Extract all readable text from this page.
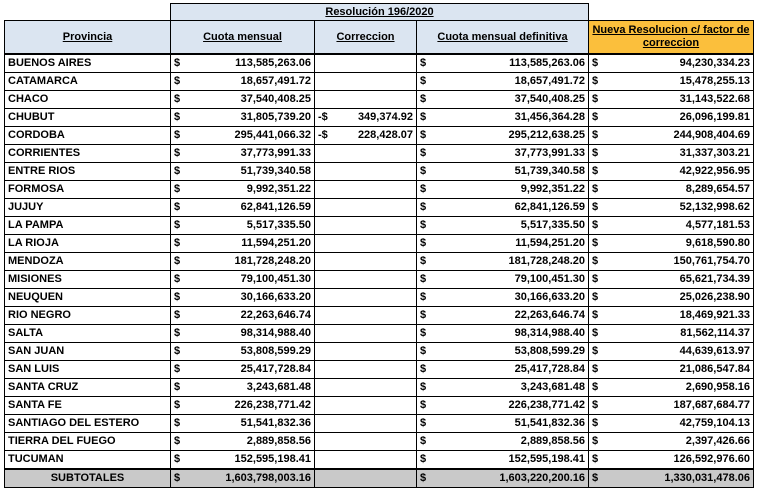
	Resolución 196/2020			
Provincia	Cuota mensual	Correccion	Cuota mensual definitiva	Nueva Resolucion c/ factor de correccion
BUENOS AIRES	$ 113,585,263.06		$ 113,585,263.06	$ 94,230,334.23

CATAMARCA	$ 18,657,491.72		$ 18,657,491.72	$ 15,478,255.13

CHACO	$ 37,540,408.25		$ 37,540,408.25	$ 31,143,522.68

CHUBUT	$ 31,805,739.20	-$ 349,374.92	$ 31,456,364.28	$ 26,096,199.81

CORDOBA	$ 295,441,066.32	-$ 228,428.07	$ 295,212,638.25	$ 244,908,404.69

CORRIENTES	$ 37,773,991.33		$ 37,773,991.33	$ 31,337,303.21

ENTRE RIOS	$ 51,739,340.58		$ 51,739,340.58	$ 42,922,956.95

FORMOSA	$ 9,992,351.22		$ 9,992,351.22	$ 8,289,654.57

JUJUY	$ 62,841,126.59		$ 62,841,126.59	$ 52,132,998.62

LA PAMPA	$ 5,517,335.50		$ 5,517,335.50	$ 4,577,181.53

LA RIOJA	$ 11,594,251.20		$ 11,594,251.20	$ 9,618,590.80

MENDOZA	$ 181,728,248.20		$ 181,728,248.20	$ 150,761,754.70

MISIONES	$ 79,100,451.30		$ 79,100,451.30	$ 65,621,734.39

NEUQUEN	$ 30,166,633.20		$ 30,166,633.20	$ 25,026,238.90

RIO NEGRO	$ 22,263,646.74		$ 22,263,646.74	$ 18,469,921.33

SALTA	$ 98,314,988.40		$ 98,314,988.40	$ 81,562,114.37

SAN JUAN	$ 53,808,599.29		$ 53,808,599.29	$ 44,639,613.97

SAN LUIS	$ 25,417,728.84		$ 25,417,728.84	$ 21,086,547.84

SANTA CRUZ	$ 3,243,681.48		$ 3,243,681.48	$ 2,690,958.16

SANTA FE	$ 226,238,771.42		$ 226,238,771.42	$ 187,687,684.77

SANTIAGO DEL ESTERO	$ 51,541,832.36		$ 51,541,832.36	$ 42,759,104.13

TIERRA DEL FUEGO	$ 2,889,858.56		$ 2,889,858.56	$ 2,397,426.66

TUCUMAN	$ 152,595,198.41		$ 152,595,198.41	$ 126,592,976.60

SUBTOTALES	$ 1,603,798,003.16		$ 1,603,220,200.16	$ 1,330,031,478.06
